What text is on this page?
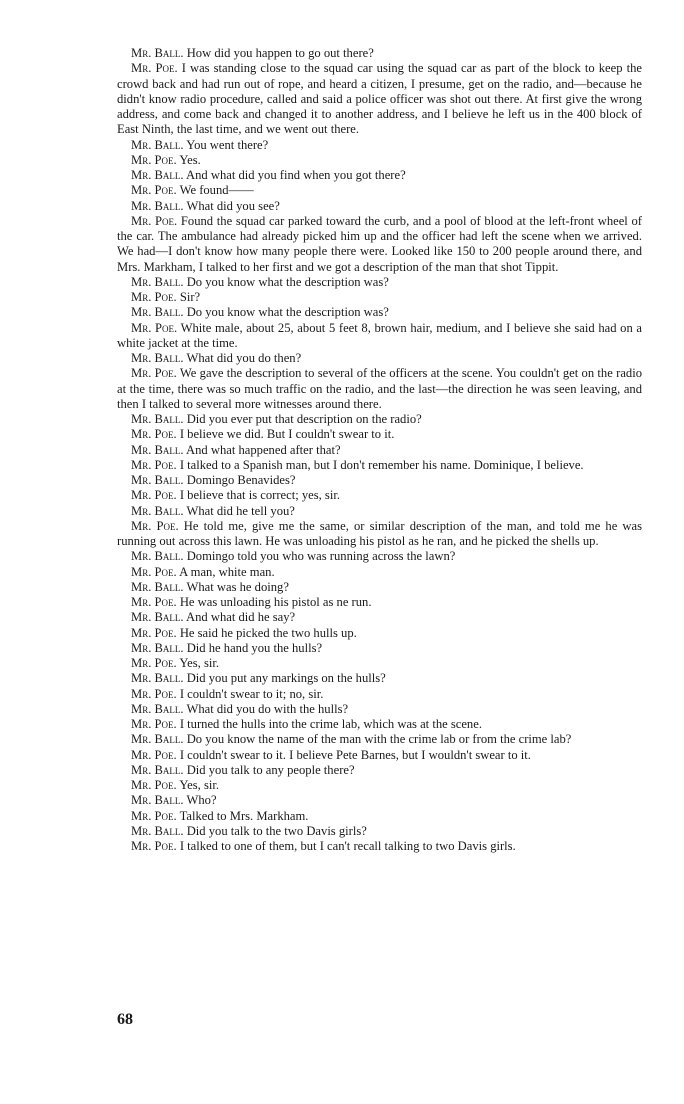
Mr. Ball. How did you happen to go out there?

Mr. Poe. I was standing close to the squad car using the squad car as part of the block to keep the crowd back and had run out of rope, and heard a citizen, I presume, get on the radio, and—because he didn't know radio procedure, called and said a police officer was shot out there. At first give the wrong address, and come back and changed it to another address, and I believe he left us in the 400 block of East Ninth, the last time, and we went out there.

Mr. Ball. You went there?

Mr. Poe. Yes.

Mr. Ball. And what did you find when you got there?

Mr. Poe. We found——

Mr. Ball. What did you see?

Mr. Poe. Found the squad car parked toward the curb, and a pool of blood at the left-front wheel of the car. The ambulance had already picked him up and the officer had left the scene when we arrived. We had—I don't know how many people there were. Looked like 150 to 200 people around there, and Mrs. Markham, I talked to her first and we got a description of the man that shot Tippit.

Mr. Ball. Do you know what the description was?

Mr. Poe. Sir?

Mr. Ball. Do you know what the description was?

Mr. Poe. White male, about 25, about 5 feet 8, brown hair, medium, and I believe she said had on a white jacket at the time.

Mr. Ball. What did you do then?

Mr. Poe. We gave the description to several of the officers at the scene. You couldn't get on the radio at the time, there was so much traffic on the radio, and the last—the direction he was seen leaving, and then I talked to several more witnesses around there.

Mr. Ball. Did you ever put that description on the radio?

Mr. Poe. I believe we did. But I couldn't swear to it.

Mr. Ball. And what happened after that?

Mr. Poe. I talked to a Spanish man, but I don't remember his name. Dominique, I believe.

Mr. Ball. Domingo Benavides?

Mr. Poe. I believe that is correct; yes, sir.

Mr. Ball. What did he tell you?

Mr. Poe. He told me, give me the same, or similar description of the man, and told me he was running out across this lawn. He was unloading his pistol as he ran, and he picked the shells up.

Mr. Ball. Domingo told you who was running across the lawn?

Mr. Poe. A man, white man.

Mr. Ball. What was he doing?

Mr. Poe. He was unloading his pistol as ne run.

Mr. Ball. And what did he say?

Mr. Poe. He said he picked the two hulls up.

Mr. Ball. Did he hand you the hulls?

Mr. Poe. Yes, sir.

Mr. Ball. Did you put any markings on the hulls?

Mr. Poe. I couldn't swear to it; no, sir.

Mr. Ball. What did you do with the hulls?

Mr. Poe. I turned the hulls into the crime lab, which was at the scene.

Mr. Ball. Do you know the name of the man with the crime lab or from the crime lab?

Mr. Poe. I couldn't swear to it. I believe Pete Barnes, but I wouldn't swear to it.

Mr. Ball. Did you talk to any people there?

Mr. Poe. Yes, sir.

Mr. Ball. Who?

Mr. Poe. Talked to Mrs. Markham.

Mr. Ball. Did you talk to the two Davis girls?

Mr. Poe. I talked to one of them, but I can't recall talking to two Davis girls.

68
